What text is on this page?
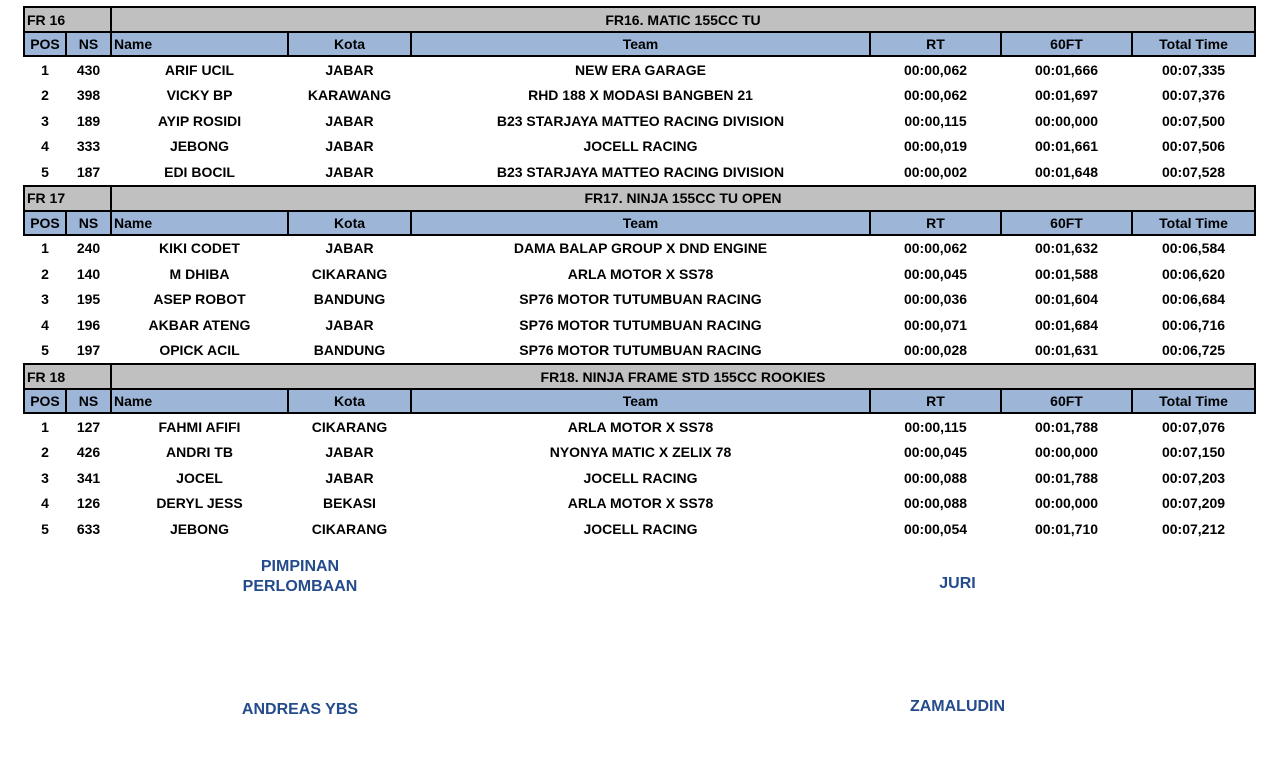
FR 16		FR16. MATIC 155CC TU					
POS	NS	Name	Kota	Team	RT	60FT	Total Time
1	430	ARIF UCIL	JABAR	NEW ERA GARAGE	00:00,062	00:01,666	00:07,335
2	398	VICKY BP	KARAWANG	RHD 188 X MODASI BANGBEN 21	00:00,062	00:01,697	00:07,376
3	189	AYIP ROSIDI	JABAR	B23 STARJAYA MATTEO RACING DIVISION	00:00,115	00:00,000	00:07,500
4	333	JEBONG	JABAR	JOCELL RACING	00:00,019	00:01,661	00:07,506
5	187	EDI BOCIL	JABAR	B23 STARJAYA MATTEO RACING DIVISION	00:00,002	00:01,648	00:07,528
FR 17		FR17. NINJA 155CC TU OPEN					
POS	NS	Name	Kota	Team	RT	60FT	Total Time
1	240	KIKI CODET	JABAR	DAMA BALAP GROUP X DND ENGINE	00:00,062	00:01,632	00:06,584
2	140	M DHIBA	CIKARANG	ARLA MOTOR X SS78	00:00,045	00:01,588	00:06,620
3	195	ASEP ROBOT	BANDUNG	SP76 MOTOR TUTUMBUAN RACING	00:00,036	00:01,604	00:06,684
4	196	AKBAR ATENG	JABAR	SP76 MOTOR TUTUMBUAN RACING	00:00,071	00:01,684	00:06,716
5	197	OPICK ACIL	BANDUNG	SP76 MOTOR TUTUMBUAN RACING	00:00,028	00:01,631	00:06,725
FR 18		FR18. NINJA FRAME STD 155CC ROOKIES					
POS	NS	Name	Kota	Team	RT	60FT	Total Time
1	127	FAHMI AFIFI	CIKARANG	ARLA MOTOR X SS78	00:00,115	00:01,788	00:07,076
2	426	ANDRI TB	JABAR	NYONYA MATIC X ZELIX 78	00:00,045	00:00,000	00:07,150
3	341	JOCEL	JABAR	JOCELL RACING	00:00,088	00:01,788	00:07,203
4	126	DERYL JESS	BEKASI	ARLA MOTOR X SS78	00:00,088	00:00,000	00:07,209
5	633	JEBONG	CIKARANG	JOCELL RACING	00:00,054	00:01,710	00:07,212
PIMPINAN
PERLOMBAAN
ANDREAS YBS
JURI
ZAMALUDIN
